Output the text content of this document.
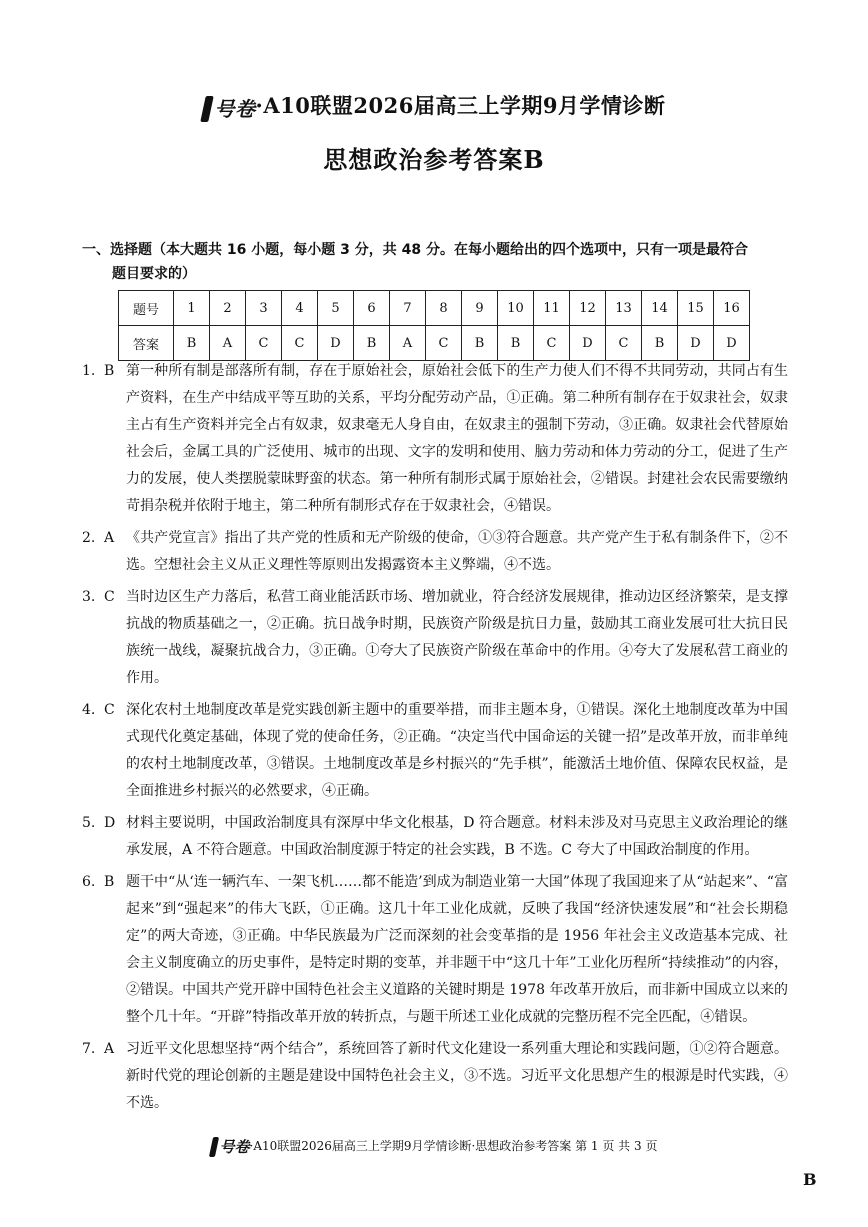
号卷 ·A10联盟2026届高三上学期9月学情诊断
思想政治参考答案B
一、选择题（本大题共 16 小题，每小题 3 分，共 48 分。在每小题给出的四个选项中，只有一项是最符合
题目要求的）
题号	1	2	3	4	5	6	7	8	9	10	11	12	13	14	15	16
答案	B	A	C	C	D	B	A	C	B	B	C	D	C	B	D	D
1. B 第一种所有制是部落所有制，存在于原始社会，原始社会低下的生产力使人们不得不共同劳动，共同占有生产资料，在生产中结成平等互助的关系，平均分配劳动产品，①正确。第二种所有制存在于奴隶社会，奴隶主占有生产资料并完全占有奴隶，奴隶毫无人身自由，在奴隶主的强制下劳动，③正确。奴隶社会代替原始社会后，金属工具的广泛使用、城市的出现、文字的发明和使用、脑力劳动和体力劳动的分工，促进了生产力的发展，使人类摆脱蒙昧野蛮的状态。第一种所有制形式属于原始社会，②错误。封建社会农民需要缴纳苛捐杂税并依附于地主，第二种所有制形式存在于奴隶社会，④错误。
2. A 《共产党宣言》指出了共产党的性质和无产阶级的使命，①③符合题意。共产党产生于私有制条件下，②不选。空想社会主义从正义理性等原则出发揭露资本主义弊端，④不选。
3. C 当时边区生产力落后，私营工商业能活跃市场、增加就业，符合经济发展规律，推动边区经济繁荣，是支撑抗战的物质基础之一，②正确。抗日战争时期，民族资产阶级是抗日力量，鼓励其工商业发展可壮大抗日民族统一战线，凝聚抗战合力，③正确。①夸大了民族资产阶级在革命中的作用。④夸大了发展私营工商业的作用。
4. C 深化农村土地制度改革是党实践创新主题中的重要举措，而非主题本身，①错误。深化土地制度改革为中国式现代化奠定基础，体现了党的使命任务，②正确。“决定当代中国命运的关键一招”是改革开放，而非单纯的农村土地制度改革，③错误。土地制度改革是乡村振兴的“先手棋”，能激活土地价值、保障农民权益，是全面推进乡村振兴的必然要求，④正确。
5. D 材料主要说明，中国政治制度具有深厚中华文化根基，D 符合题意。材料未涉及对马克思主义政治理论的继承发展，A 不符合题意。中国政治制度源于特定的社会实践，B 不选。C 夸大了中国政治制度的作用。
6. B 题干中“从‘连一辆汽车、一架飞机……都不能造’到成为制造业第一大国”体现了我国迎来了从“站起来”、“富起来”到“强起来”的伟大飞跃，①正确。这几十年工业化成就，反映了我国“经济快速发展”和“社会长期稳定”的两大奇迹，③正确。中华民族最为广泛而深刻的社会变革指的是 1956 年社会主义改造基本完成、社会主义制度确立的历史事件，是特定时期的变革，并非题干中“这几十年”工业化历程所“持续推动”的内容，②错误。中国共产党开辟中国特色社会主义道路的关键时期是 1978 年改革开放后，而非新中国成立以来的整个几十年。“开辟”特指改革开放的转折点，与题干所述工业化成就的完整历程不完全匹配，④错误。
7. A 习近平文化思想坚持“两个结合”，系统回答了新时代文化建设一系列重大理论和实践问题，①②符合题意。新时代党的理论创新的主题是建设中国特色社会主义，③不选。习近平文化思想产生的根源是时代实践，④不选。
号卷 ·A10联盟2026届高三上学期9月学情诊断·思想政治参考答案 第 1 页 共 3 页
B
